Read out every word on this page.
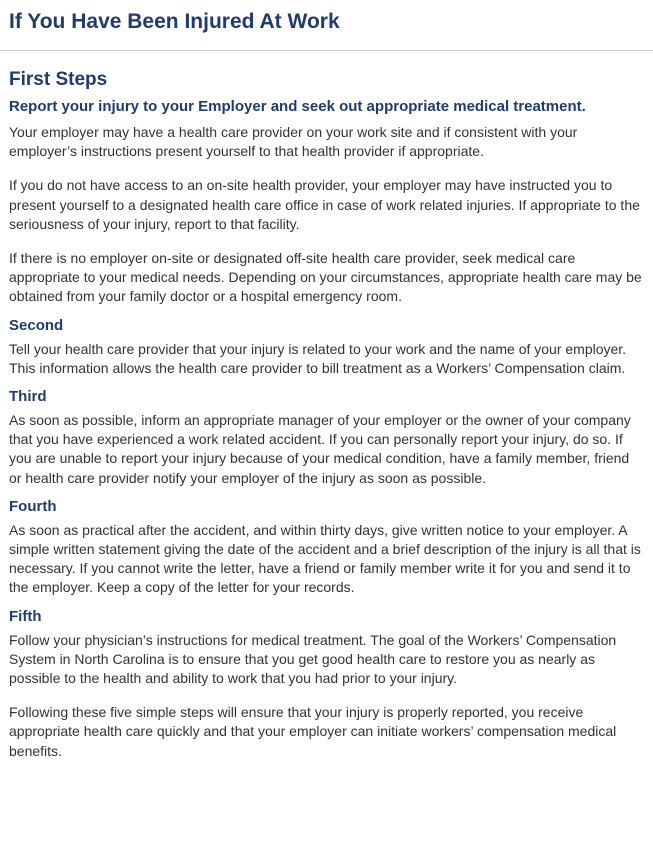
If You Have Been Injured At Work
First Steps

Report your injury to your Employer and seek out appropriate medical treatment.

Your employer may have a health care provider on your work site and if consistent with your employer’s instructions present yourself to that health provider if appropriate.

If you do not have access to an on-site health provider, your employer may have instructed you to present yourself to a designated health care office in case of work related injuries. If appropriate to the seriousness of your injury, report to that facility.

If there is no employer on-site or designated off-site health care provider, seek medical care appropriate to your medical needs. Depending on your circumstances, appropriate health care may be obtained from your family doctor or a hospital emergency room.

Second

Tell your health care provider that your injury is related to your work and the name of your employer. This information allows the health care provider to bill treatment as a Workers’ Compensation claim.

Third

As soon as possible, inform an appropriate manager of your employer or the owner of your company that you have experienced a work related accident. If you can personally report your injury, do so. If you are unable to report your injury because of your medical condition, have a family member, friend or health care provider notify your employer of the injury as soon as possible.

Fourth

As soon as practical after the accident, and within thirty days, give written notice to your employer. A simple written statement giving the date of the accident and a brief description of the injury is all that is necessary. If you cannot write the letter, have a friend or family member write it for you and send it to the employer. Keep a copy of the letter for your records.

Fifth

Follow your physician’s instructions for medical treatment. The goal of the Workers’ Compensation System in North Carolina is to ensure that you get good health care to restore you as nearly as possible to the health and ability to work that you had prior to your injury.

Following these five simple steps will ensure that your injury is properly reported, you receive appropriate health care quickly and that your employer can initiate workers’ compensation medical benefits.
